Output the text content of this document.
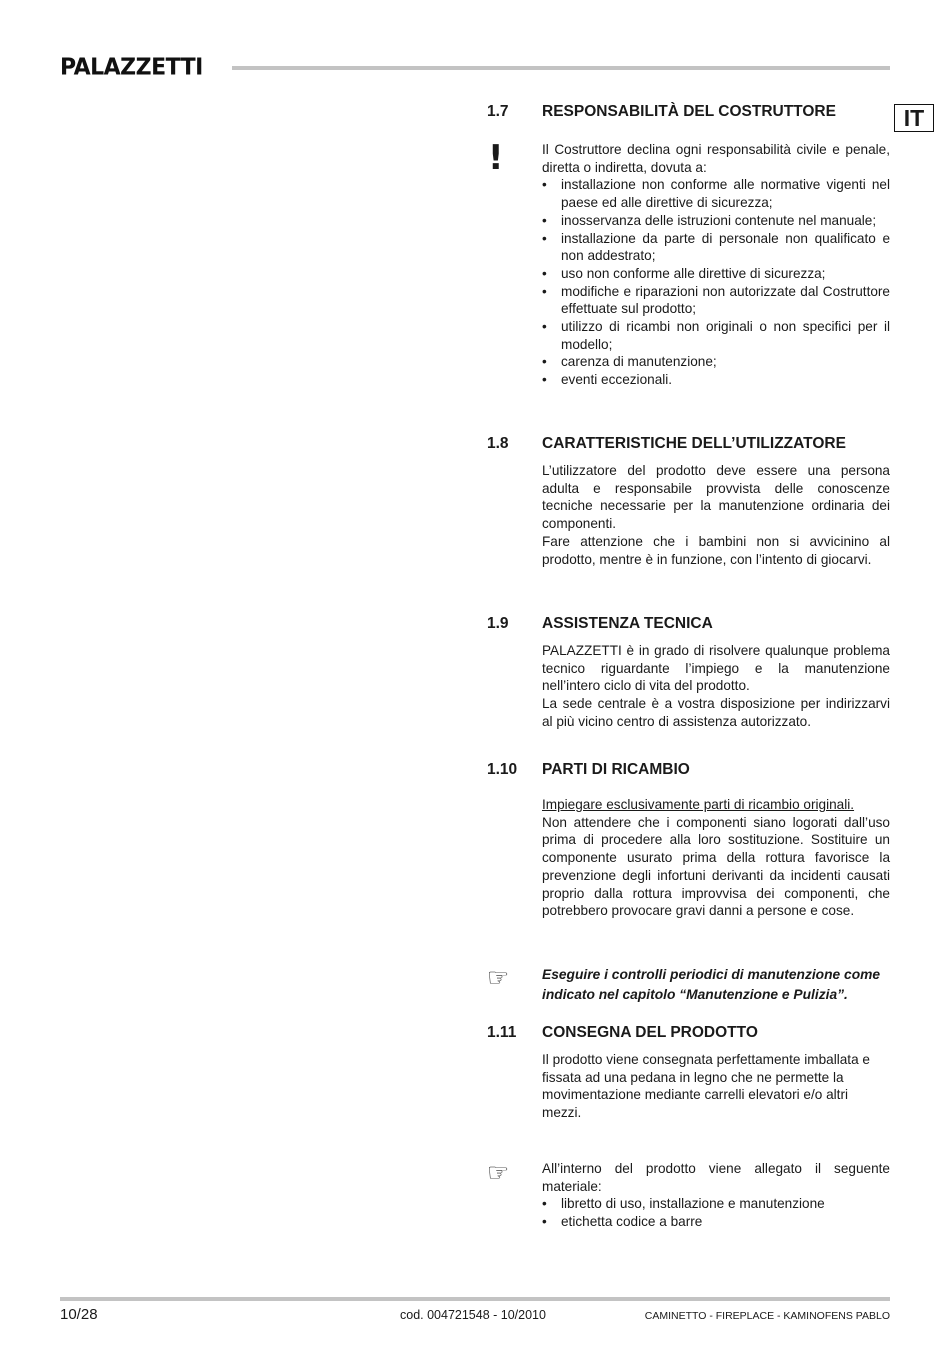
PALAZZETTI
IT
!
1.7 RESPONSABILITÀ DEL COSTRUTTORE

Il Costruttore declina ogni responsabilità civile e penale, diretta o indiretta, dovuta a:

• installazione non conforme alle normative vigenti nel paese ed alle direttive di sicurezza;
• inosservanza delle istruzioni contenute nel manuale;
• installazione da parte di personale non qualificato e non addestrato;
• uso non conforme alle direttive di sicurezza;
• modifiche e riparazioni non autorizzate dal Costruttore effettuate sul prodotto;
• utilizzo di ricambi non originali o non specifici per il modello;
• carenza di manutenzione;
• eventi eccezionali.
1.8 CARATTERISTICHE DELL’UTILIZZATORE

L’utilizzatore del prodotto deve essere una persona adulta e responsabile provvista delle conoscenze tecniche necessarie per la manutenzione ordinaria dei componenti.

Fare attenzione che i bambini non si avvicinino al prodotto, mentre è in funzione, con l’intento di giocarvi.

1.9 ASSISTENZA TECNICA

PALAZZETTI è in grado di risolvere qualunque problema tecnico riguardante l’impiego e la manutenzione nell’intero ciclo di vita del prodotto.

La sede centrale è a vostra disposizione per indirizzarvi al più vicino centro di assistenza autorizzato.

1.10 PARTI DI RICAMBIO

Impiegare esclusivamente parti di ricambio originali.

Non attendere che i componenti siano logorati dall’uso prima di procedere alla loro sostituzione. Sostituire un componente usurato prima della rottura favorisce la prevenzione degli infortuni derivanti da incidenti causati proprio dalla rottura improvvisa dei componenti, che potrebbero provocare gravi danni a persone e cose.

☞ Eseguire i controlli periodici di manutenzione come indicato nel capitolo “Manutenzione e Pulizia”.

1.11 CONSEGNA DEL PRODOTTO

Il prodotto viene consegnata perfettamente imballata e fissata ad una pedana in legno che ne permette la movimentazione mediante carrelli elevatori e/o altri mezzi.

☞ All’interno del prodotto viene allegato il seguente materiale:

• libretto di uso, installazione e manutenzione
• etichetta codice a barre
10/28	cod. 004721548 - 10/2010	CAMINETTO - FIREPLACE - KAMINOFENS PABLO
